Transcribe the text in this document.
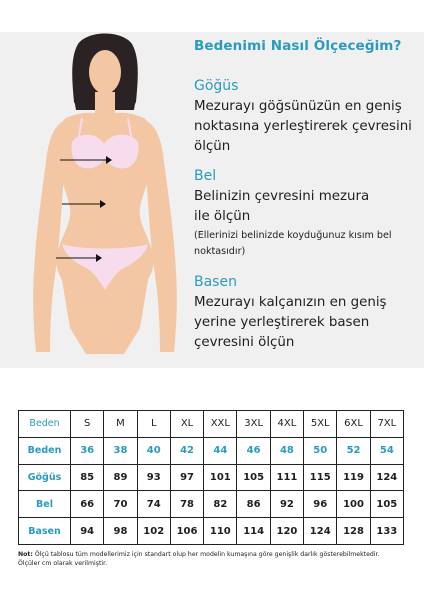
Bedenimi Nasıl Ölçeceğim?
Göğüs
Mezurayı göğsünüzün en geniş noktasına yerleştirerek çevresini ölçün
Bel
Belinizin çevresini mezura ile ölçün
(Ellerinizi belinizde koyduğunuz kısım bel noktasıdır)
Basen
Mezurayı kalçanızın en geniş yerine yerleştirerek basen çevresini ölçün
Beden	S	M	L	XL	XXL	3XL	4XL	5XL	6XL	7XL
Beden	36	38	40	42	44	46	48	50	52	54
Göğüs	85	89	93	97	101	105	111	115	119	124
Bel	66	70	74	78	82	86	92	96	100	105
Basen	94	98	102	106	110	114	120	124	128	133
Not: Ölçü tablosu tüm modellerimiz için standart olup her modelin kumaşına göre genişlik darlık gösterebilmektedir.
Ölçüler cm olarak verilmiştir.
